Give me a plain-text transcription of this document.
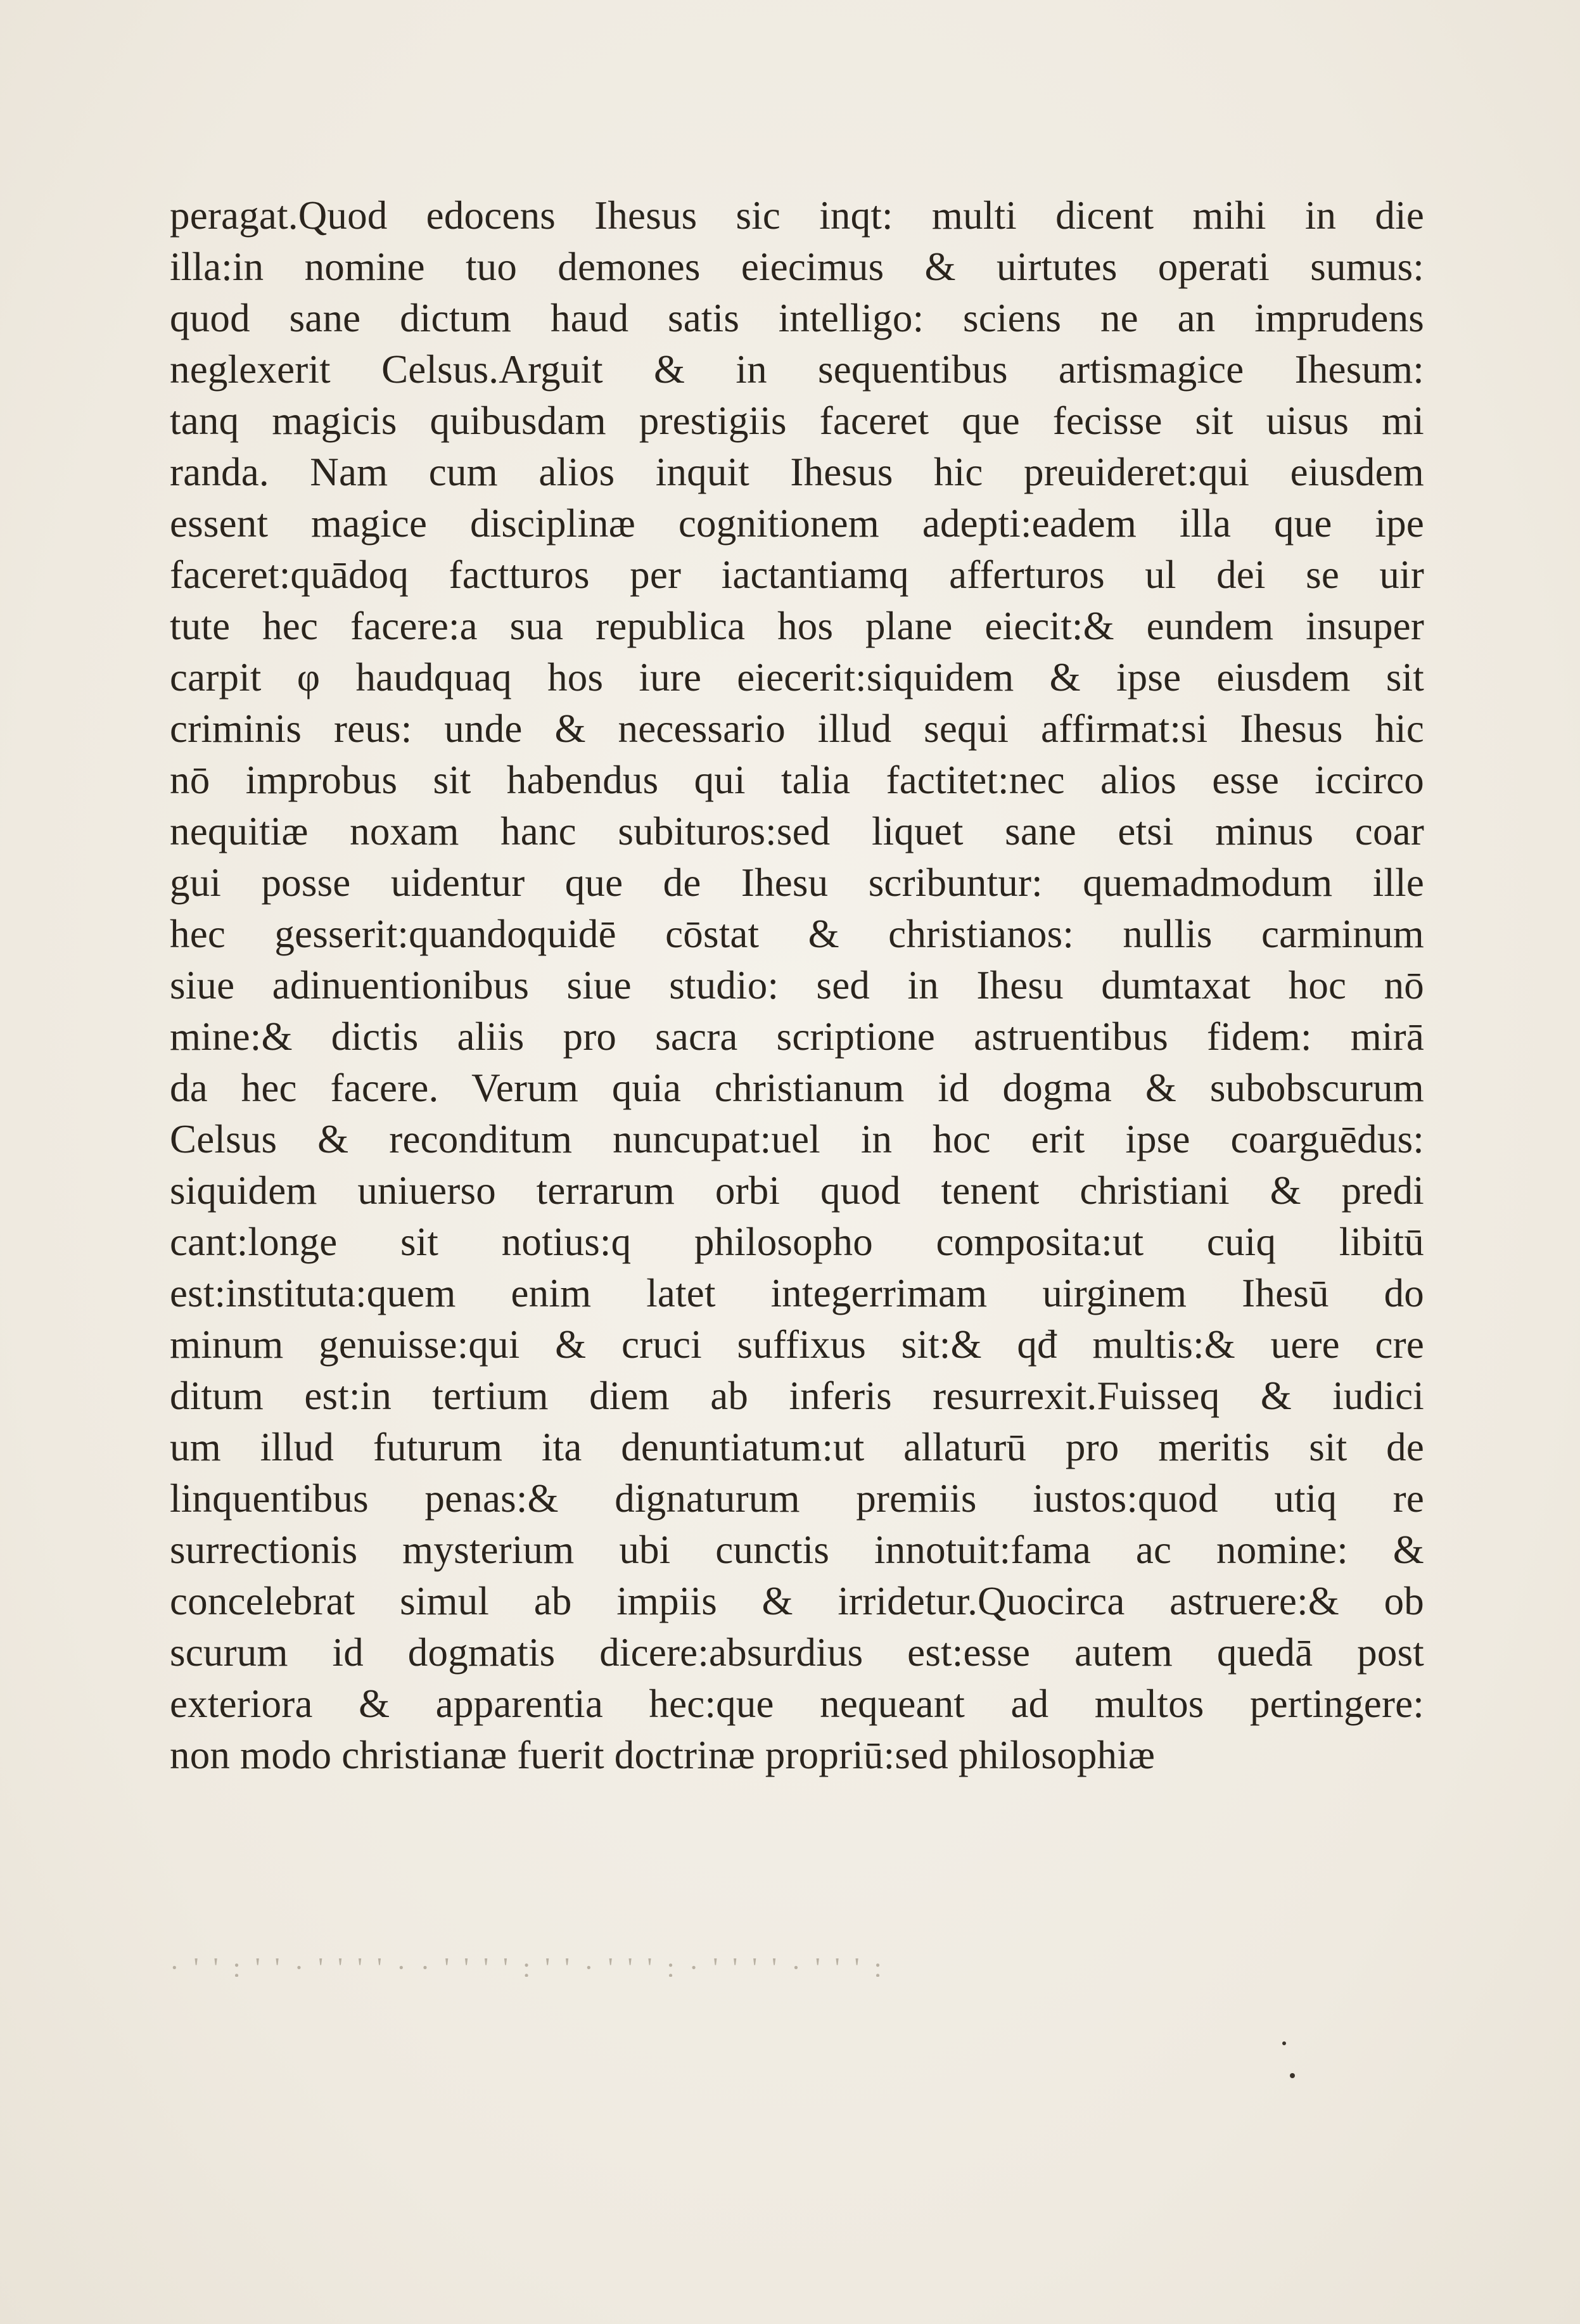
peragat.Quod edocens Ihesus sic inqt: multi dicent mihi in die
illa:in nomine tuo demones eiecimus & uirtutes operati sumus:
quod sane dictum haud satis intelligo: sciens ne an imprudens
neglexerit Celsus.Arguit & in sequentibus artismagice Ihesum:
tanq magicis quibusdam prestigiis faceret que fecisse sit uisus mi
randa. Nam cum alios inquit Ihesus hic preuideret:qui eiusdem
essent magice disciplinæ cognitionem adepti:eadem illa que ipe
faceret:quādoq factturos per iactantiamq afferturos ul dei se uir
tute hec facere:a sua republica hos plane eiecit:& eundem insuper
carpit φ haudquaq hos iure eiecerit:siquidem & ipse eiusdem sit
criminis reus: unde & necessario illud sequi affirmat:si Ihesus hic
nō improbus sit habendus qui talia factitet:nec alios esse iccirco
nequitiæ noxam hanc subituros:sed liquet sane etsi minus coar
gui posse uidentur que de Ihesu scribuntur: quemadmodum ille
hec gesserit:quandoquidē cōstat & christianos: nullis carminum
siue adinuentionibus siue studio: sed in Ihesu dumtaxat hoc nō
mine:& dictis aliis pro sacra scriptione astruentibus fidem: mirā
da hec facere. Verum quia christianum id dogma & subobscurum
Celsus & reconditum nuncupat:uel in hoc erit ipse coarguēdus:
siquidem uniuerso terrarum orbi quod tenent christiani & predi
cant:longe sit notius:q philosopho composita:ut cuiq libitū
est:instituta:quem enim latet integerrimam uirginem Ihesū do
minum genuisse:qui & cruci suffixus sit:& qđ multis:& uere cre
ditum est:in tertium diem ab inferis resurrexit.Fuisseq & iudici
um illud futurum ita denuntiatum:ut allaturū pro meritis sit de
linquentibus penas:& dignaturum premiis iustos:quod utiq re
surrectionis mysterium ubi cunctis innotuit:fama ac nomine: &
concelebrat simul ab impiis & irridetur.Quocirca astruere:& ob
scurum id dogmatis dicere:absurdius est:esse autem quedā post
exteriora & apparentia hec:que nequeant ad multos pertingere:
non modo christianæ fuerit doctrinæ propriū:sed philosophiæ
· ' ' : ' ' · ' ' ' ' · · ' ' ' ' : ' ' · ' ' ' : · ' ' ' ' · ' ' ' :
